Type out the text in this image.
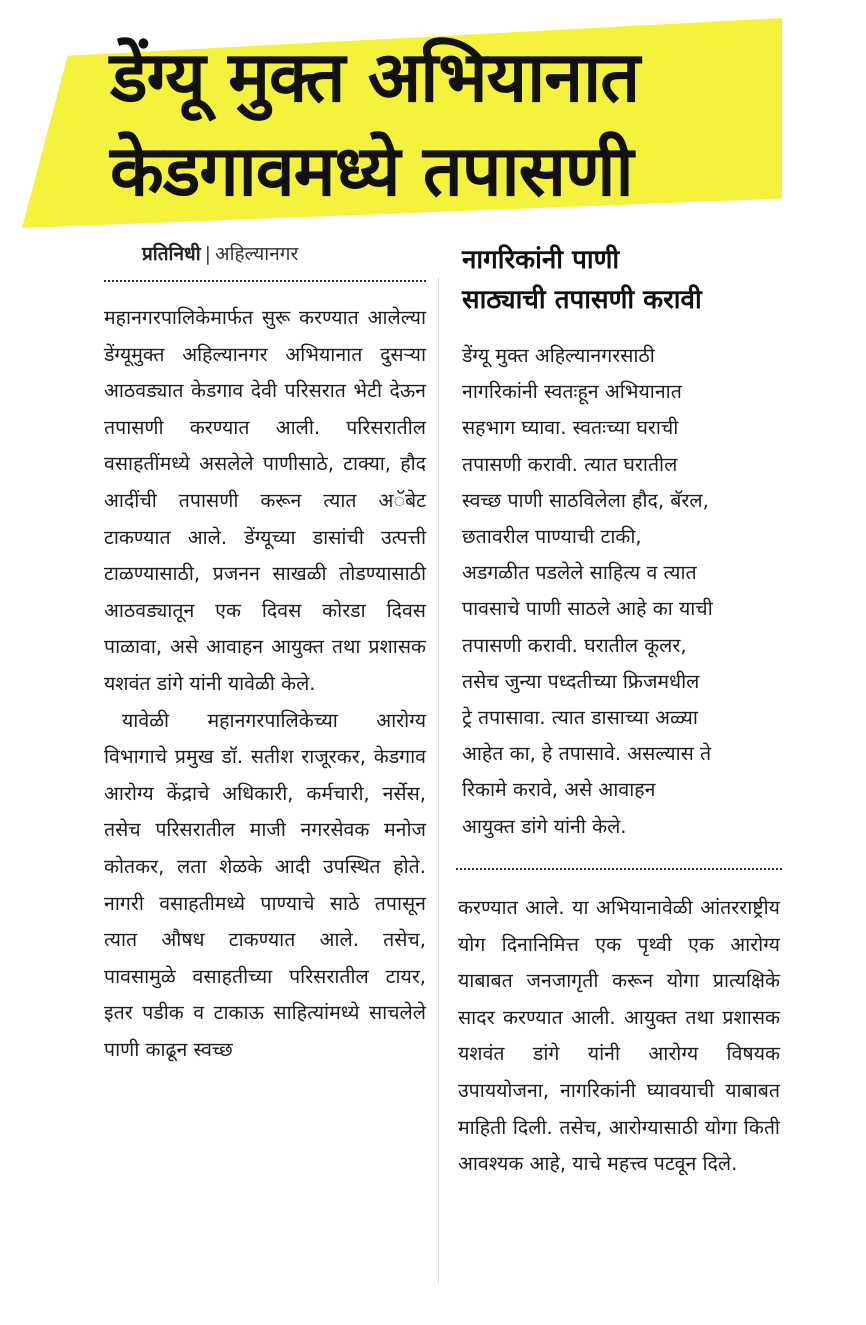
डेंग्यू मुक्त अभियानात
केडगावमध्ये तपासणी
प्रतिनिधी | अहिल्यानगर

महानगरपालिकेमार्फत सुरू करण्यात आलेल्या डेंग्यूमुक्त अहिल्यानगर अभियानात दुसऱ्या आठवड्यात केडगाव देवी परिसरात भेटी देऊन तपासणी करण्यात आली. परिसरातील वसाहतींमध्ये असलेले पाणीसाठे, टाक्या, हौद आदींची तपासणी करून त्यात अॅबेट टाकण्यात आले. डेंग्यूच्या डासांची उत्पत्ती टाळण्यासाठी, प्रजनन साखळी तोडण्यासाठी आठवड्यातून एक दिवस कोरडा दिवस पाळावा, असे आवाहन आयुक्त तथा प्रशासक यशवंत डांगे यांनी यावेळी केले.

यावेळी महानगरपालिकेच्या आरोग्य विभागाचे प्रमुख डॉ. सतीश राजूरकर, केडगाव आरोग्य केंद्राचे अधिकारी, कर्मचारी, नर्सेस, तसेच परिसरातील माजी नगरसेवक मनोज कोतकर, लता शेळके आदी उपस्थित होते. नागरी वसाहतीमध्ये पाण्याचे साठे तपासून त्यात औषध टाकण्यात आले. तसेच, पावसामुळे वसाहतीच्या परिसरातील टायर, इतर पडीक व टाकाऊ साहित्यांमध्ये साचलेले पाणी काढून स्वच्छ

नागरिकांनी पाणी
साठ्याची तपासणी करावी
डेंग्यू मुक्त अहिल्यानगरसाठी
नागरिकांनी स्वतःहून अभियानात
सहभाग घ्यावा. स्वतःच्या घराची
तपासणी करावी. त्यात घरातील
स्वच्छ पाणी साठविलेला हौद, बॅरल,
छतावरील पाण्याची टाकी,
अडगळीत पडलेले साहित्य व त्यात
पावसाचे पाणी साठले आहे का याची
तपासणी करावी. घरातील कूलर,
तसेच जुन्या पध्दतीच्या फ्रिजमधील
ट्रे तपासावा. त्यात डासाच्या अळ्या
आहेत का, हे तपासावे. असल्यास ते
रिकामे करावे, असे आवाहन
आयुक्त डांगे यांनी केले.

करण्यात आले. या अभियानावेळी आंतरराष्ट्रीय योग दिनानिमित्त एक पृथ्वी एक आरोग्य याबाबत जनजागृती करून योगा प्रात्यक्षिके सादर करण्यात आली. आयुक्त तथा प्रशासक यशवंत डांगे यांनी आरोग्य विषयक उपाययोजना, नागरिकांनी घ्यावयाची याबाबत माहिती दिली. तसेच, आरोग्यासाठी योगा किती आवश्यक आहे, याचे महत्त्व पटवून दिले.
